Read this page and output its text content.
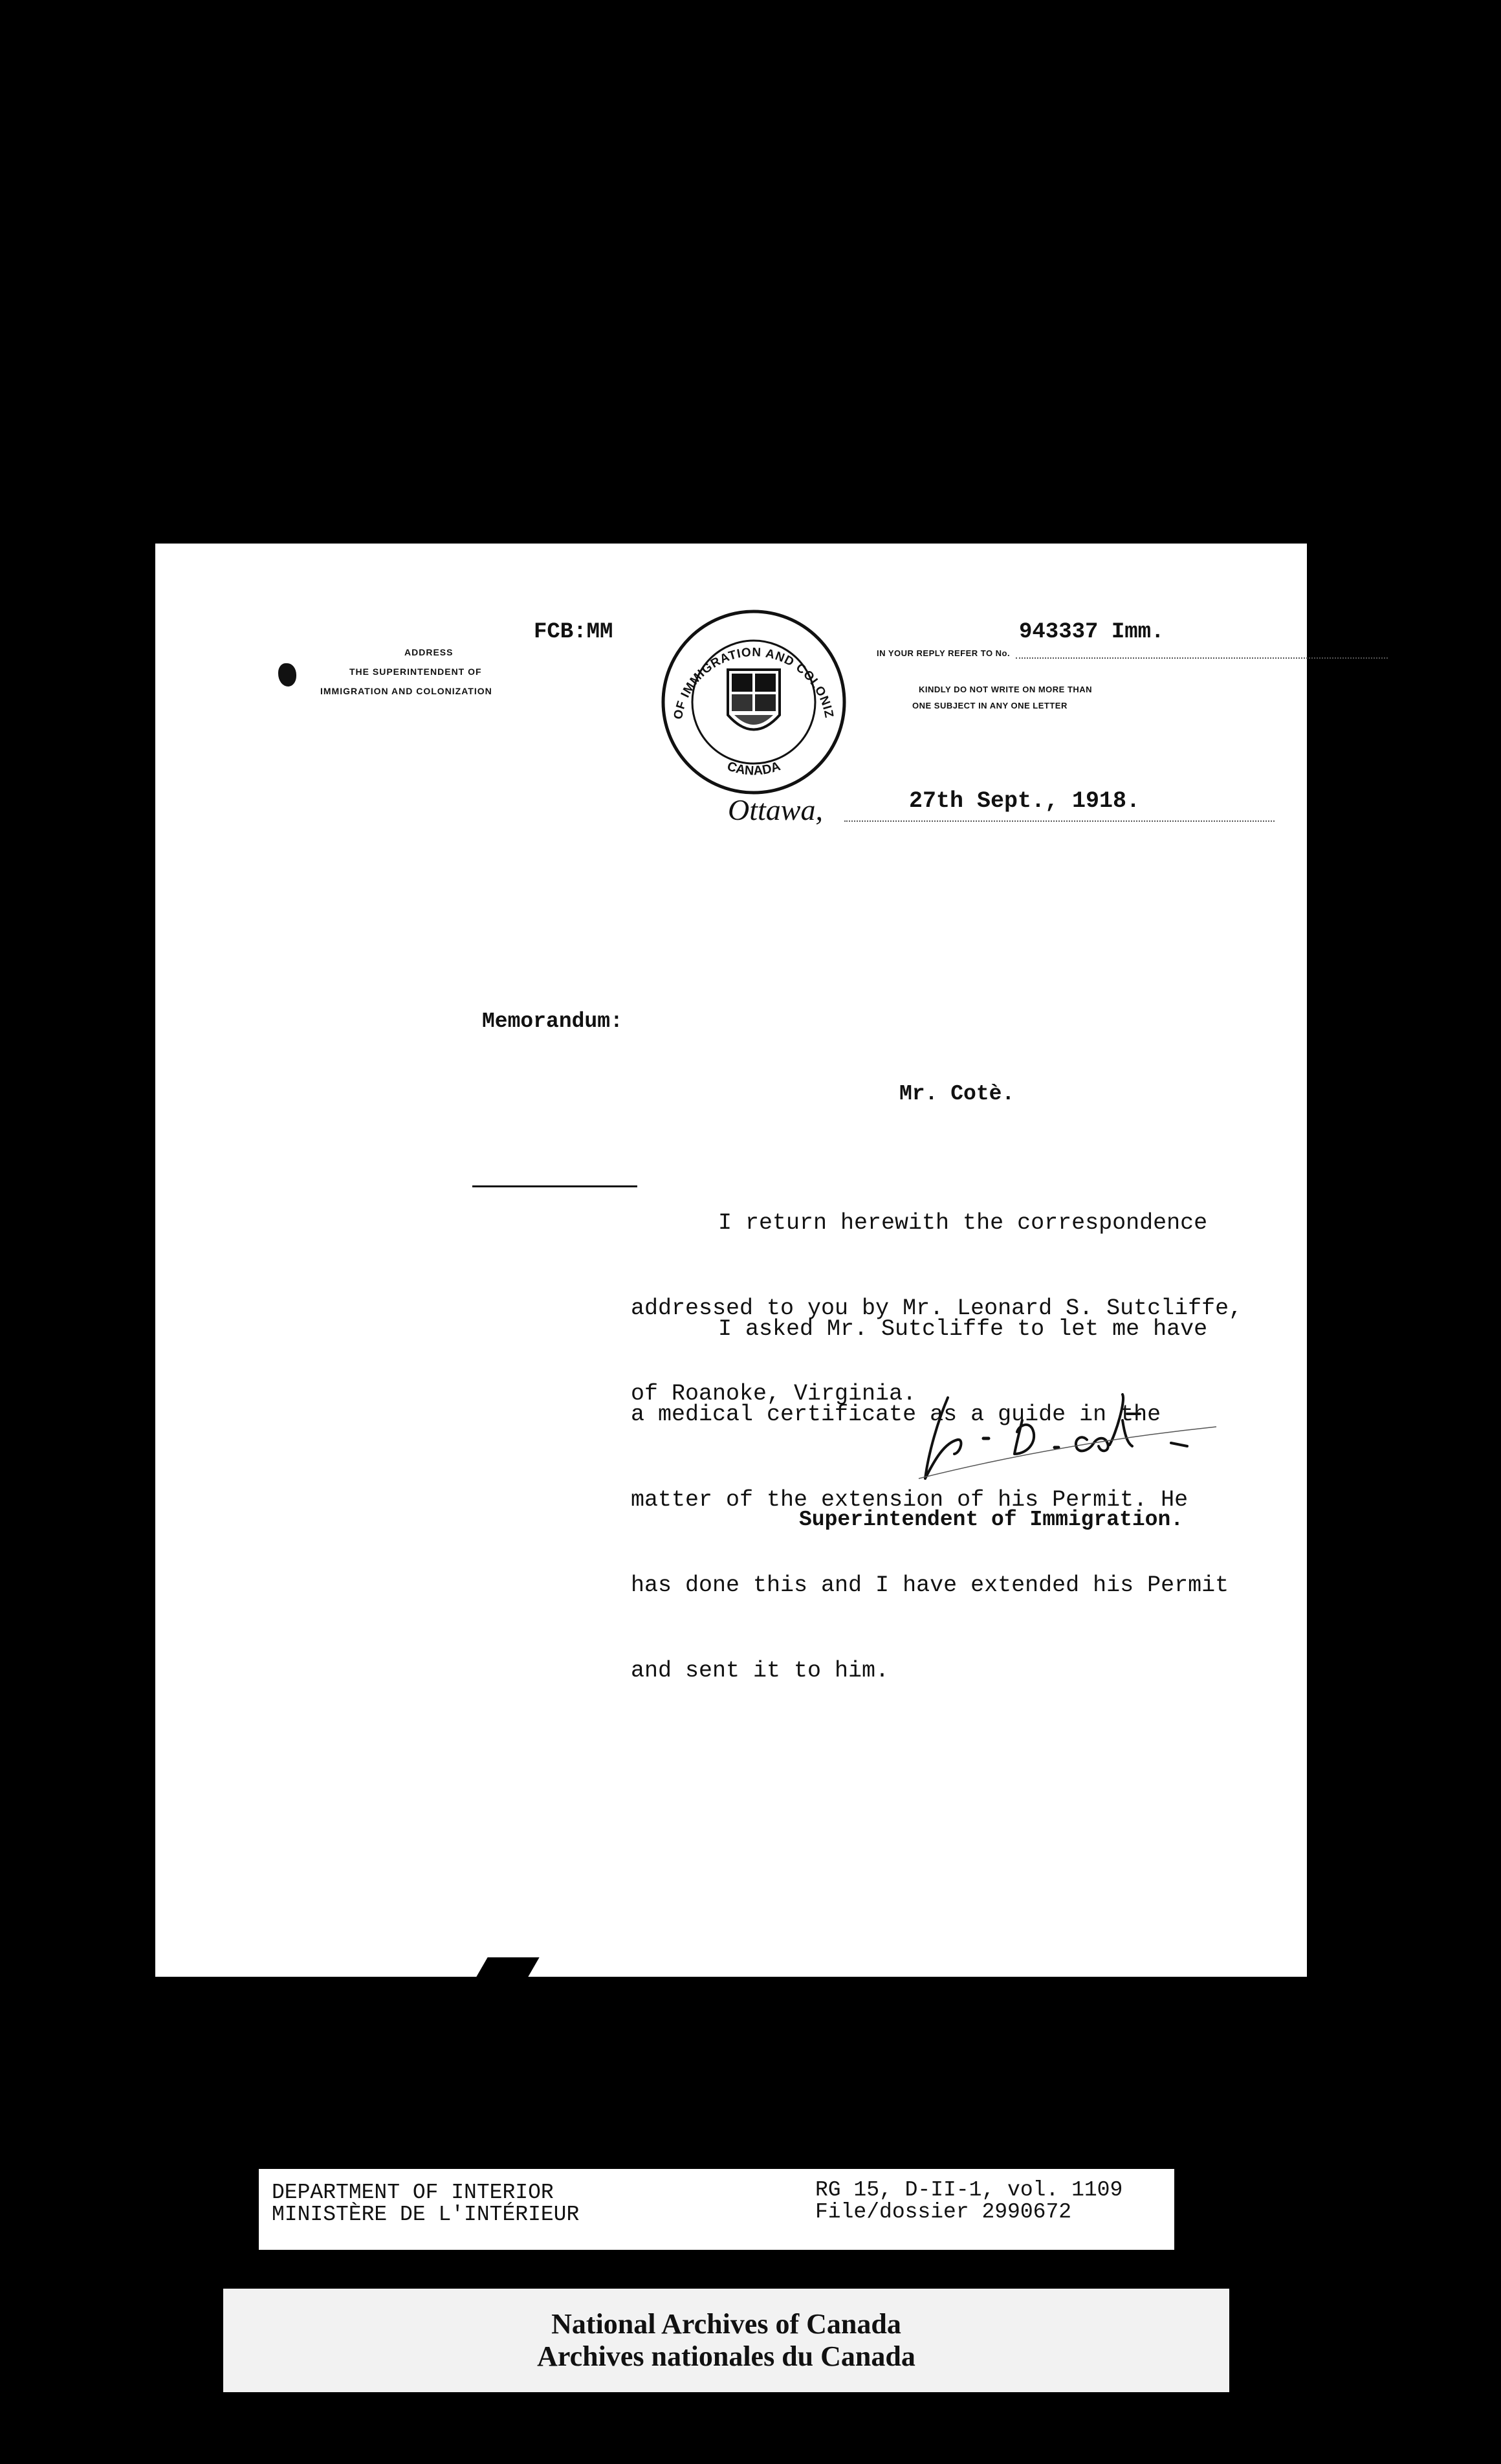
FCB:MM
ADDRESS
THE SUPERINTENDENT OF
IMMIGRATION AND COLONIZATION
OF IMMIGRATION AND COLONIZ
CANADA
943337 Imm.
IN YOUR REPLY REFER TO No.
KINDLY DO NOT WRITE ON MORE THAN
ONE SUBJECT IN ANY ONE LETTER
Ottawa,	27th Sept., 1918.
Memorandum:
Mr. Cotè.

I return herewith the correspondence

addressed to you by Mr. Leonard S. Sutcliffe,

of Roanoke, Virginia.

I asked Mr. Sutcliffe to let me have

a medical certificate as a guide in the

matter of the extension of his Permit. He

has done this and I have extended his Permit

and sent it to him.

Superintendent of Immigration.
DEPARTMENT OF INTERIOR
MINISTÈRE DE L'INTÉRIEUR
RG 15, D-II-1, vol. 1109
File/dossier 2990672
National Archives of Canada
Archives nationales du Canada
